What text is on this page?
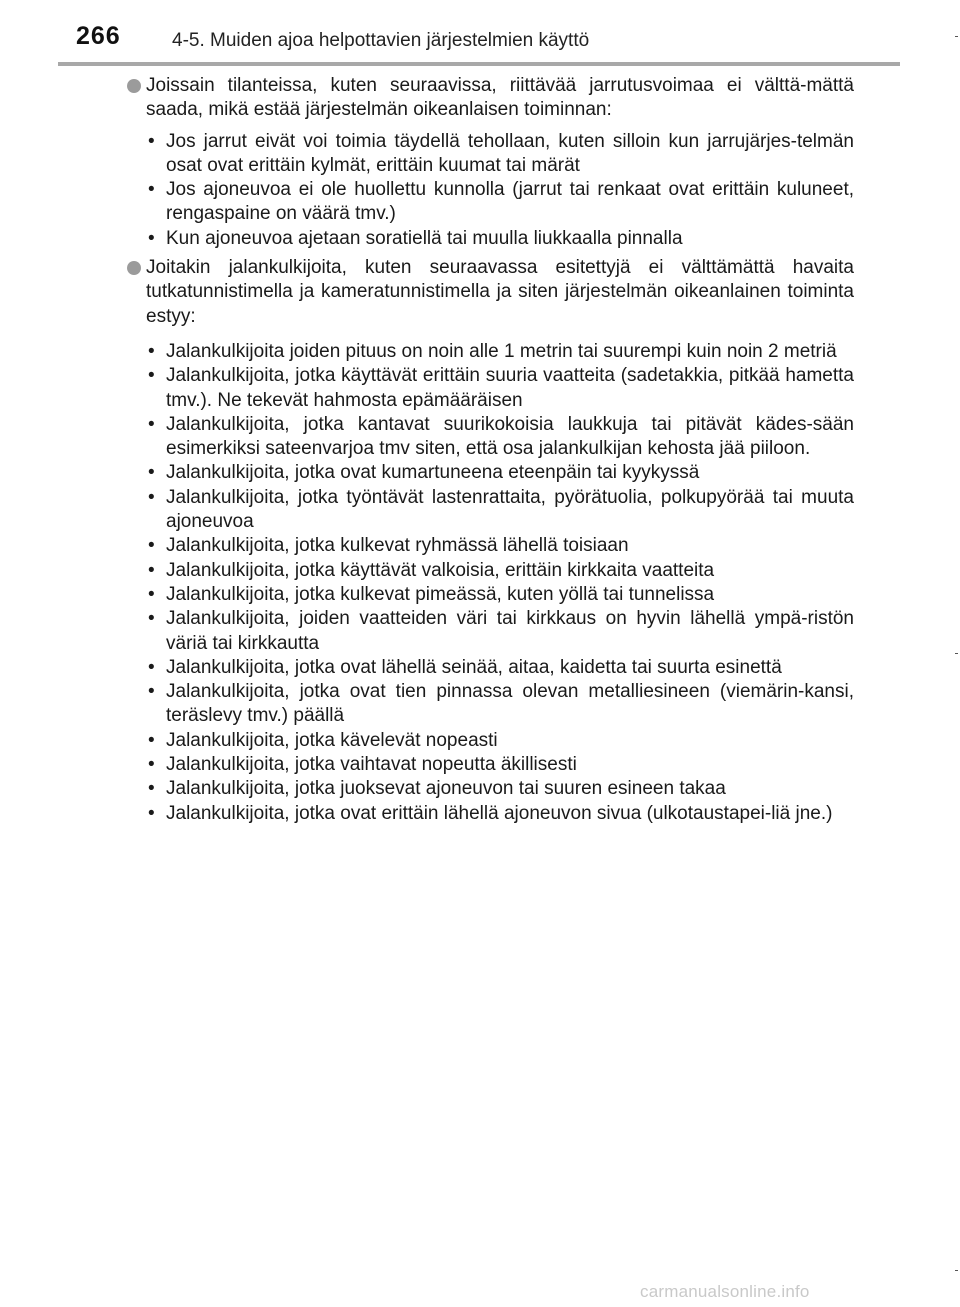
266	4-5. Muiden ajoa helpottavien järjestelmien käyttö
Joissain tilanteissa, kuten seuraavissa, riittävää jarrutusvoimaa ei välttä-mättä saada, mikä estää järjestelmän oikeanlaisen toiminnan:
• Jos jarrut eivät voi toimia täydellä tehollaan, kuten silloin kun jarrujärjes-telmän osat ovat erittäin kylmät, erittäin kuumat tai märät
• Jos ajoneuvoa ei ole huollettu kunnolla (jarrut tai renkaat ovat erittäin kuluneet, rengaspaine on väärä tmv.)
• Kun ajoneuvoa ajetaan soratiellä tai muulla liukkaalla pinnalla
Joitakin jalankulkijoita, kuten seuraavassa esitettyjä ei välttämättä havaita tutkatunnistimella ja kameratunnistimella ja siten järjestelmän oikeanlainen toiminta estyy:
• Jalankulkijoita joiden pituus on noin alle 1 metrin tai suurempi kuin noin 2 metriä
• Jalankulkijoita, jotka käyttävät erittäin suuria vaatteita (sadetakkia, pitkää hametta tmv.). Ne tekevät hahmosta epämääräisen
• Jalankulkijoita, jotka kantavat suurikokoisia laukkuja tai pitävät kädes-sään esimerkiksi sateenvarjoa tmv siten, että osa jalankulkijan kehosta jää piiloon.
• Jalankulkijoita, jotka ovat kumartuneena eteenpäin tai kyykyssä
• Jalankulkijoita, jotka työntävät lastenrattaita, pyörätuolia, polkupyörää tai muuta ajoneuvoa
• Jalankulkijoita, jotka kulkevat ryhmässä lähellä toisiaan
• Jalankulkijoita, jotka käyttävät valkoisia, erittäin kirkkaita vaatteita
• Jalankulkijoita, jotka kulkevat pimeässä, kuten yöllä tai tunnelissa
• Jalankulkijoita, joiden vaatteiden väri tai kirkkaus on hyvin lähellä ympä-ristön väriä tai kirkkautta
• Jalankulkijoita, jotka ovat lähellä seinää, aitaa, kaidetta tai suurta esinettä
• Jalankulkijoita, jotka ovat tien pinnassa olevan metalliesineen (viemärin-kansi, teräslevy tmv.) päällä
• Jalankulkijoita, jotka kävelevät nopeasti
• Jalankulkijoita, jotka vaihtavat nopeutta äkillisesti
• Jalankulkijoita, jotka juoksevat ajoneuvon tai suuren esineen takaa
• Jalankulkijoita, jotka ovat erittäin lähellä ajoneuvon sivua (ulkotaustapei-liä jne.)
carmanualsonline.info
